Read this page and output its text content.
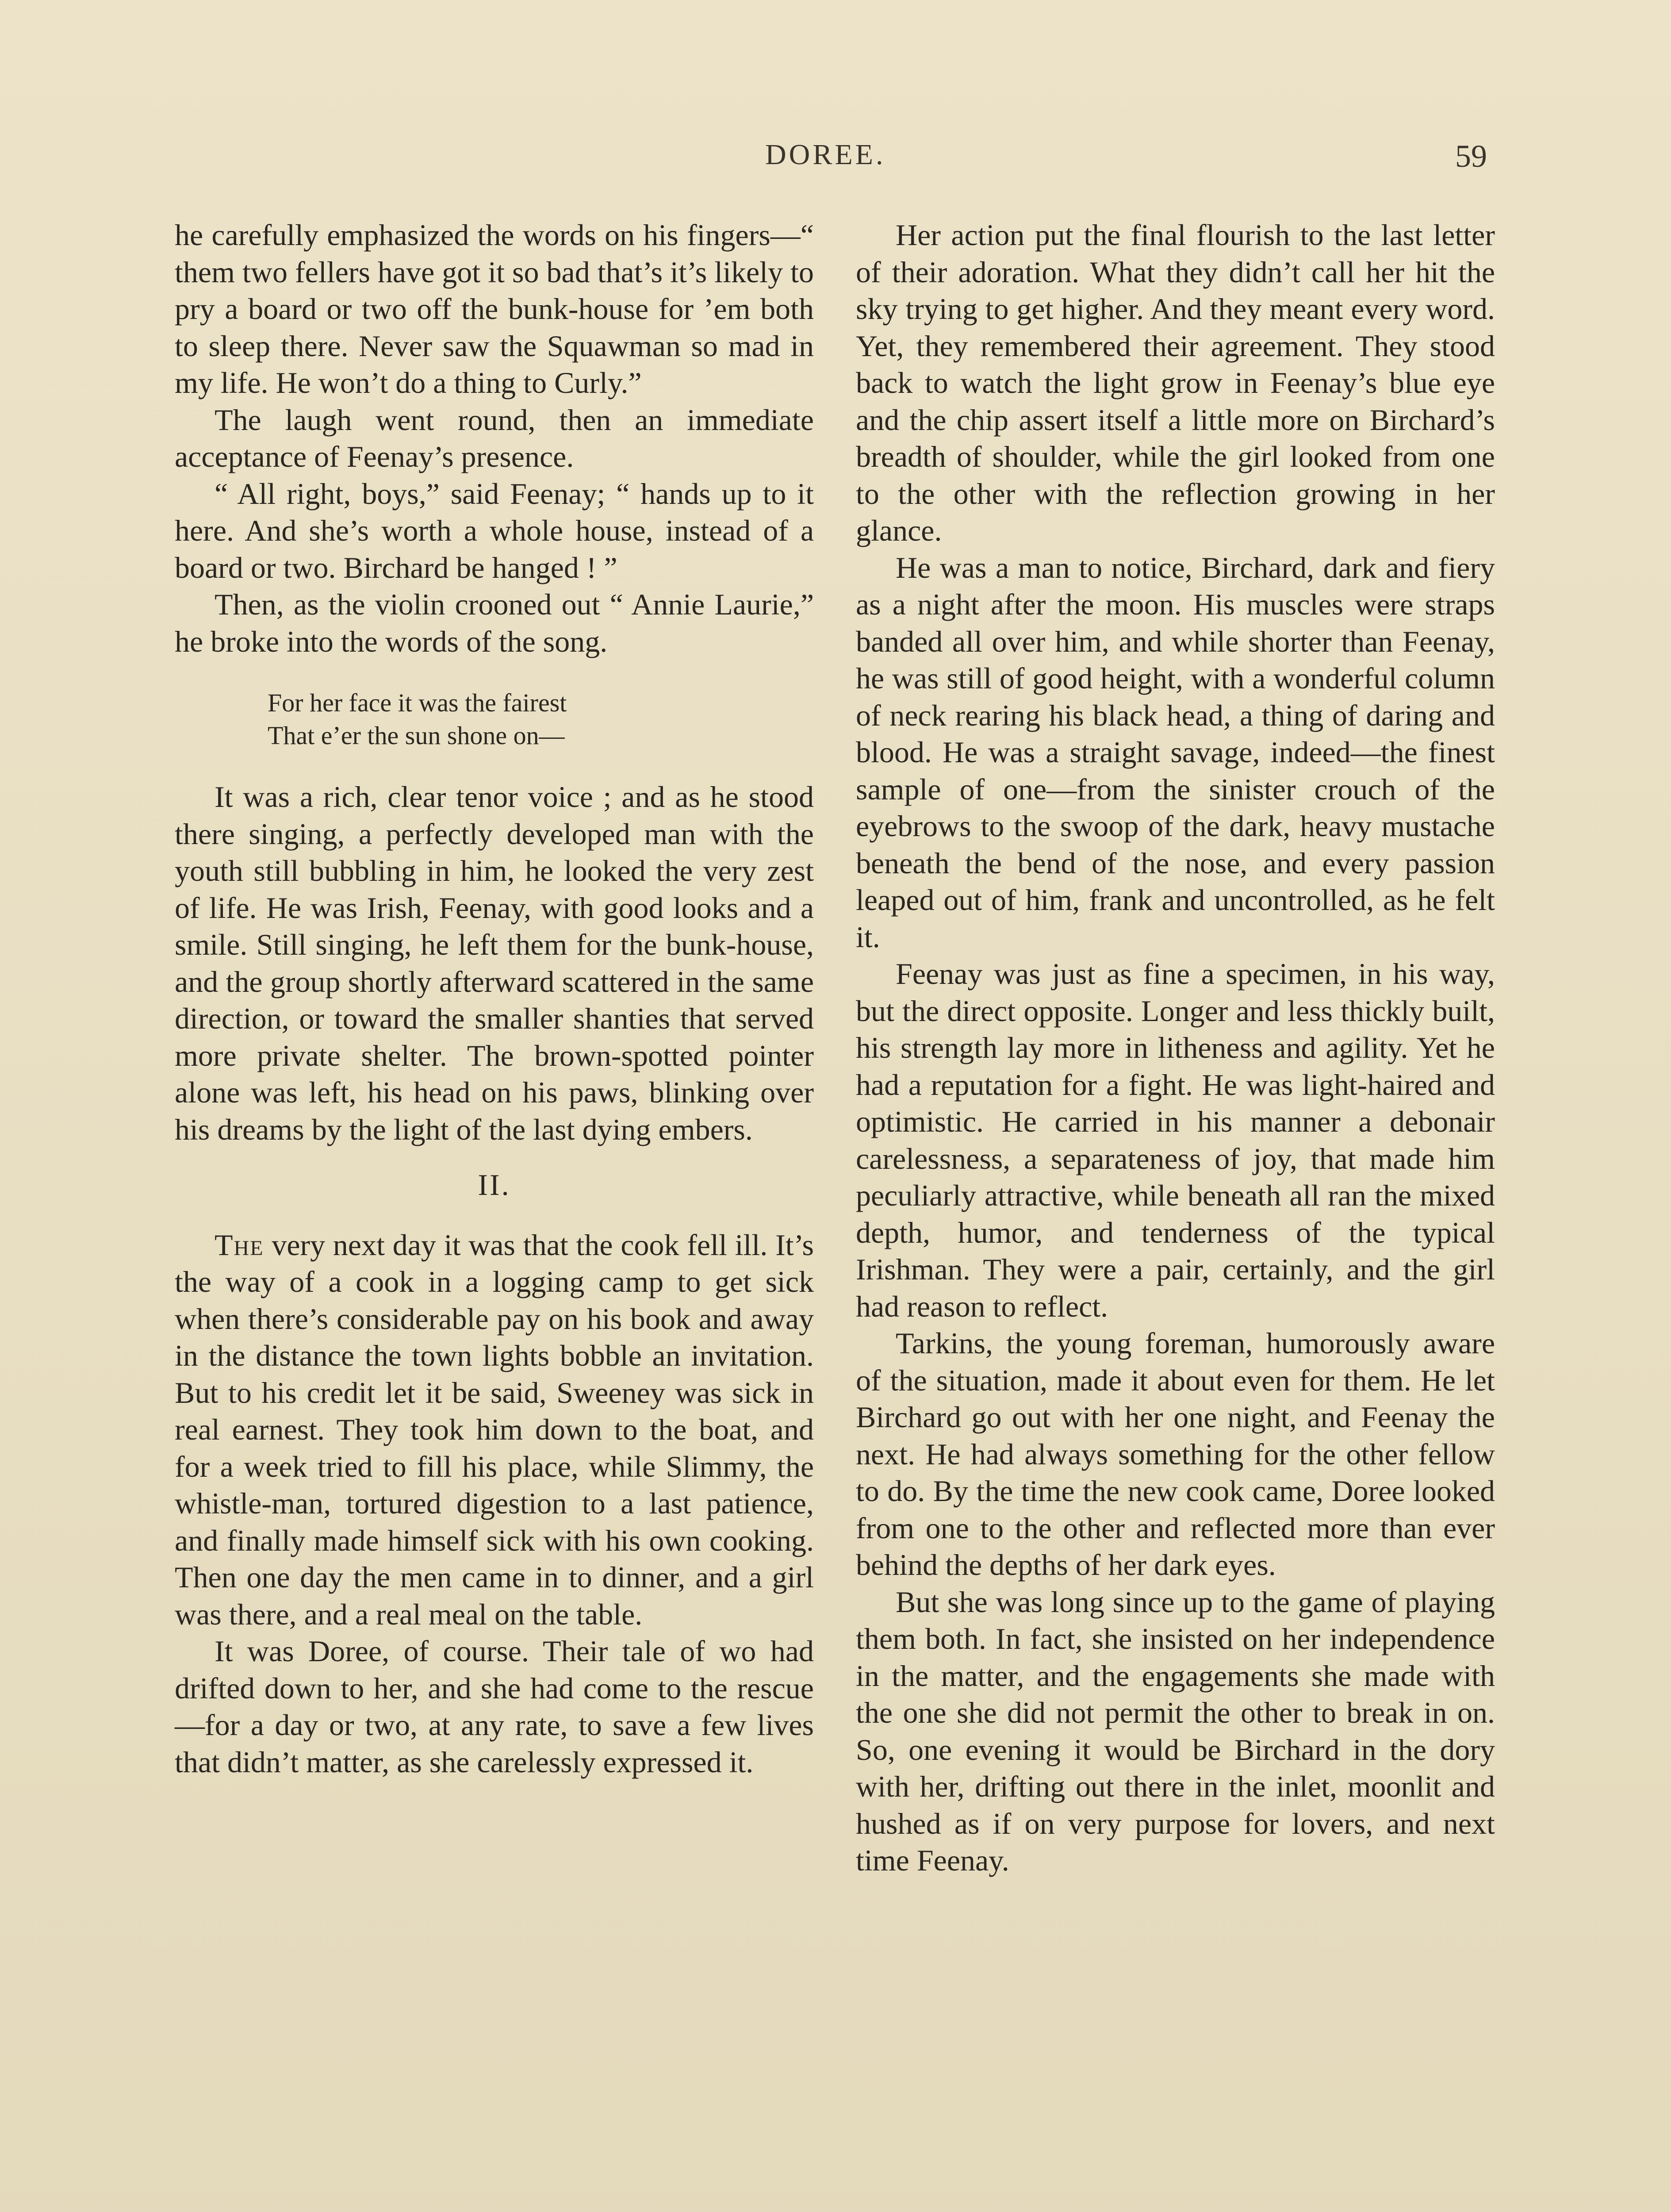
DOREE.	59

he carefully emphasized the words on his fingers—“ them two fellers have got it so bad that’s it’s likely to pry a board or two off the bunk-house for ’em both to sleep there. Never saw the Squawman so mad in my life. He won’t do a thing to Curly.”

The laugh went round, then an immediate acceptance of Feenay’s presence.

“ All right, boys,” said Feenay; “ hands up to it here. And she’s worth a whole house, instead of a board or two. Birchard be hanged ! ”

Then, as the violin crooned out “ Annie Laurie,” he broke into the words of the song.

For her face it was the fairest
That e’er the sun shone on—

It was a rich, clear tenor voice ; and as he stood there singing, a perfectly developed man with the youth still bubbling in him, he looked the very zest of life. He was Irish, Feenay, with good looks and a smile. Still singing, he left them for the bunk-house, and the group shortly afterward scattered in the same direction, or toward the smaller shanties that served more private shelter. The brown-spotted pointer alone was left, his head on his paws, blinking over his dreams by the light of the last dying embers.

II.

The very next day it was that the cook fell ill. It’s the way of a cook in a logging camp to get sick when there’s considerable pay on his book and away in the distance the town lights bobble an invitation. But to his credit let it be said, Sweeney was sick in real earnest. They took him down to the boat, and for a week tried to fill his place, while Slimmy, the whistle-man, tortured digestion to a last patience, and finally made himself sick with his own cooking. Then one day the men came in to dinner, and a girl was there, and a real meal on the table.

It was Doree, of course. Their tale of wo had drifted down to her, and she had come to the rescue—for a day or two, at any rate, to save a few lives that didn’t matter, as she carelessly expressed it.

Her action put the final flourish to the last letter of their adoration. What they didn’t call her hit the sky trying to get higher. And they meant every word. Yet, they remembered their agreement. They stood back to watch the light grow in Feenay’s blue eye and the chip assert itself a little more on Birchard’s breadth of shoulder, while the girl looked from one to the other with the reflection growing in her glance.

He was a man to notice, Birchard, dark and fiery as a night after the moon. His muscles were straps banded all over him, and while shorter than Feenay, he was still of good height, with a wonderful column of neck rearing his black head, a thing of daring and blood. He was a straight savage, indeed—the finest sample of one—from the sinister crouch of the eyebrows to the swoop of the dark, heavy mustache beneath the bend of the nose, and every passion leaped out of him, frank and uncontrolled, as he felt it.

Feenay was just as fine a specimen, in his way, but the direct opposite. Longer and less thickly built, his strength lay more in litheness and agility. Yet he had a reputation for a fight. He was light-haired and optimistic. He carried in his manner a debonair carelessness, a separateness of joy, that made him peculiarly attractive, while beneath all ran the mixed depth, humor, and tenderness of the typical Irishman. They were a pair, certainly, and the girl had reason to reflect.

Tarkins, the young foreman, humorously aware of the situation, made it about even for them. He let Birchard go out with her one night, and Feenay the next. He had always something for the other fellow to do. By the time the new cook came, Doree looked from one to the other and reflected more than ever behind the depths of her dark eyes.

But she was long since up to the game of playing them both. In fact, she insisted on her independence in the matter, and the engagements she made with the one she did not permit the other to break in on. So, one evening it would be Birchard in the dory with her, drifting out there in the inlet, moonlit and hushed as if on very purpose for lovers, and next time Feenay.
